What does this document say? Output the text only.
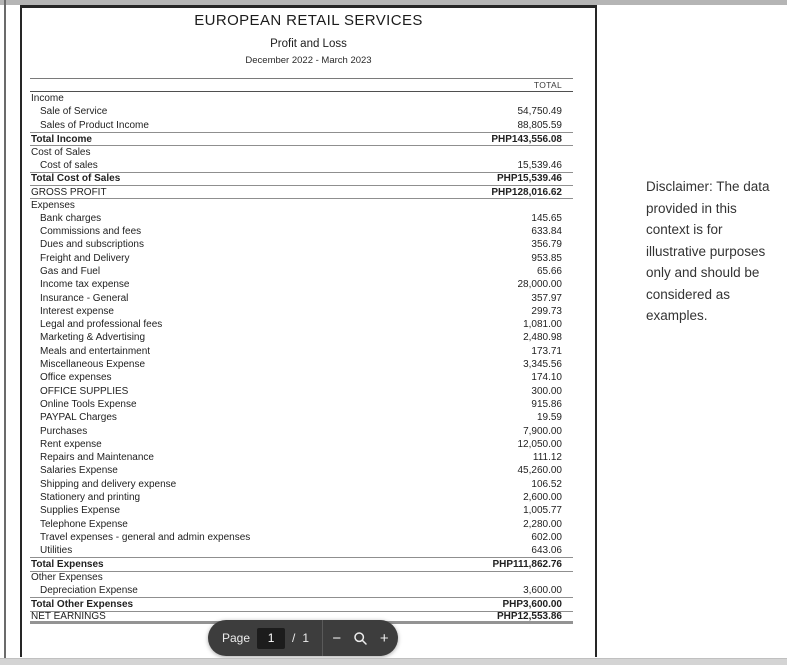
EUROPEAN RETAIL SERVICES
Profit and Loss
December 2022 - March 2023
TOTAL
Income
Sale of Service	54,750.49
Sales of Product Income	88,805.59
Total Income	PHP143,556.08
Cost of Sales
Cost of sales	15,539.46
Total Cost of Sales	PHP15,539.46
GROSS PROFIT	PHP128,016.62
Expenses
Bank charges	145.65
Commissions and fees	633.84
Dues and subscriptions	356.79
Freight and Delivery	953.85
Gas and Fuel	65.66
Income tax expense	28,000.00
Insurance - General	357.97
Interest expense	299.73
Legal and professional fees	1,081.00
Marketing & Advertising	2,480.98
Meals and entertainment	173.71
Miscellaneous Expense	3,345.56
Office expenses	174.10
OFFICE SUPPLIES	300.00
Online Tools Expense	915.86
PAYPAL Charges	19.59
Purchases	7,900.00
Rent expense	12,050.00
Repairs and Maintenance	111.12
Salaries Expense	45,260.00
Shipping and delivery expense	106.52
Stationery and printing	2,600.00
Supplies Expense	1,005.77
Telephone Expense	2,280.00
Travel expenses - general and admin expenses	602.00
Utilities	643.06
Total Expenses	PHP111,862.76
Other Expenses
Depreciation Expense	3,600.00
Total Other Expenses	PHP3,600.00
NET EARNINGS	PHP12,553.86
Disclaimer: The data provided in this context is for illustrative purposes only and should be considered as examples.
Page
1	/ 1 −	+
